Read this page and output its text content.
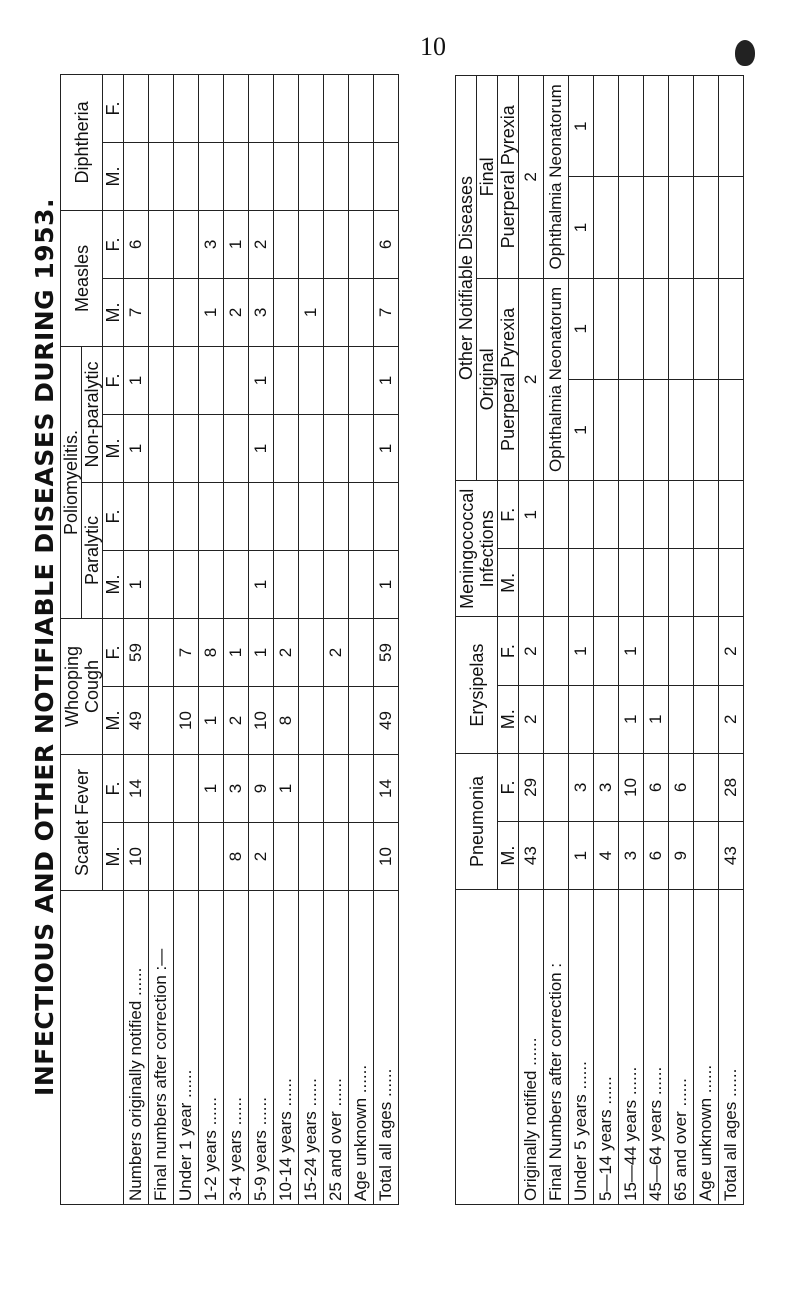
10
INFECTIOUS AND OTHER NOTIFIABLE DISEASES DURING 1953.
	Scarlet Fever		Whooping Cough		Poliomyelitis.				Measles		Diphtheria	
					Paralytic		Non-paralytic					
	M.	F.	M.	F.	M.	F.	M.	F.	M.	F.	M.	F.
Numbers originally notified ......	10	14	49	59	1		1	1	7	6		
Final numbers after correction :—												
Under 1 year ......			10	7								
1-2 years ......		1	1	8					1	3		
3-4 years ......	8	3	2	1					2	1		
5-9 years ......	2	9	10	1	1		1	1	3	2		
10-14 years ......		1	8	2								
15-24 years ......									1			
25 and over ......				2								
Age unknown ......												
Total all ages ......	10	14	49	59	1		1	1	7	6		
	Pneumonia		Erysipelas		Meningococcal Infections		Other Notifiable Diseases			
							Original		Final	
	M.	F.	M.	F.	M.	F.	Puerperal Pyrexia		Puerperal Pyrexia	
Originally notified ......	43	29	2	2		1	2		2	
Final Numbers after correction :							Ophthalmia Neonatorum		Ophthalmia Neonatorum	
Under 5 years ......	1	3		1			1	1	1	1
5—14 years ......	4	3								
15—44 years ......	3	10	1	1						
45—64 years ......	6	6	1							
65 and over ......	9	6								
Age unknown ......										
Total all ages ......	43	28	2	2						
